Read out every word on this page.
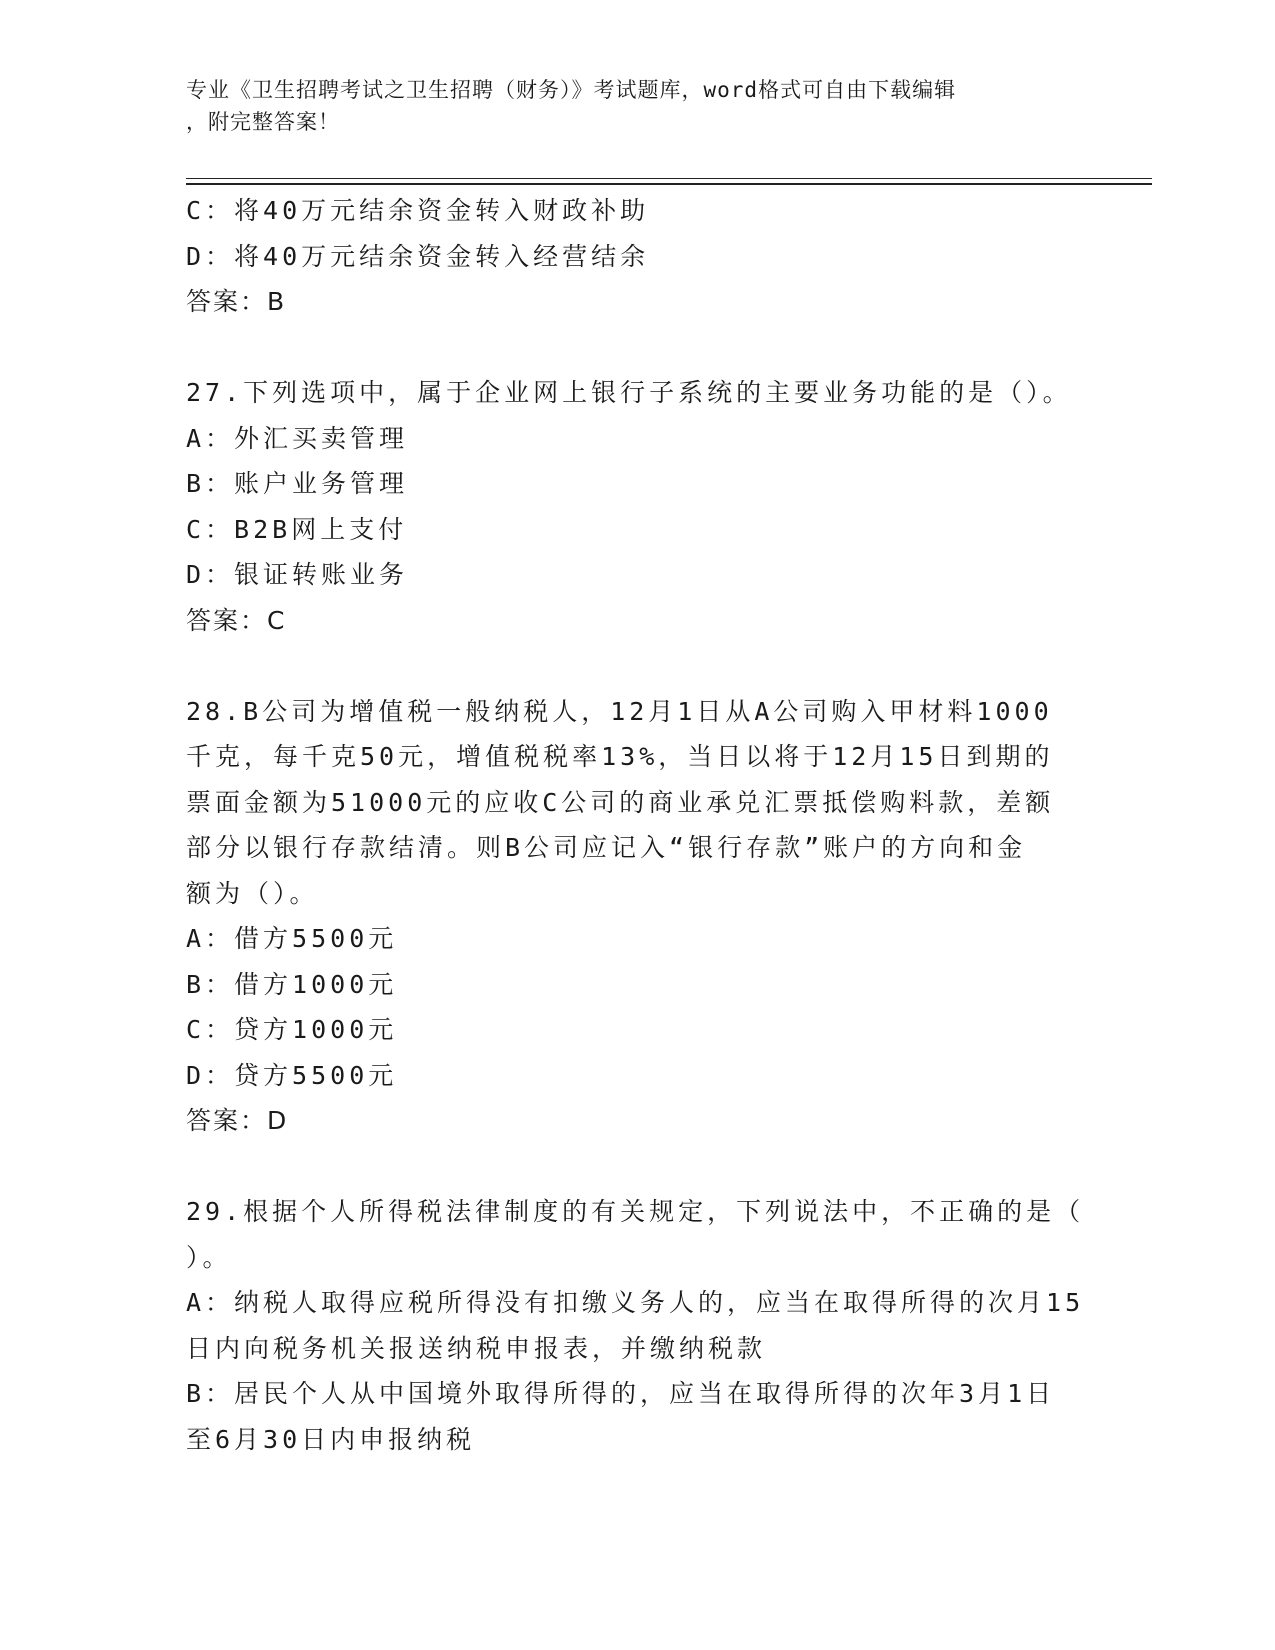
专业《卫生招聘考试之卫生招聘（财务）》考试题库，word格式可自由下载编辑
，附完整答案！
C：将40万元结余资金转入财政补助
D：将40万元结余资金转入经营结余
答案：B
27.下列选项中，属于企业网上银行子系统的主要业务功能的是（）。
A：外汇买卖管理
B：账户业务管理
C：B2B网上支付
D：银证转账业务
答案：C
28.B公司为增值税一般纳税人，12月1日从A公司购入甲材料1000
千克，每千克50元，增值税税率13%，当日以将于12月15日到期的
票面金额为51000元的应收C公司的商业承兑汇票抵偿购料款，差额
部分以银行存款结清。则B公司应记入“银行存款”账户的方向和金
额为（）。
A：借方5500元
B：借方1000元
C：贷方1000元
D：贷方5500元
答案：D
29.根据个人所得税法律制度的有关规定，下列说法中，不正确的是（
）。
A：纳税人取得应税所得没有扣缴义务人的，应当在取得所得的次月15
日内向税务机关报送纳税申报表，并缴纳税款
B：居民个人从中国境外取得所得的，应当在取得所得的次年3月1日
至6月30日内申报纳税
